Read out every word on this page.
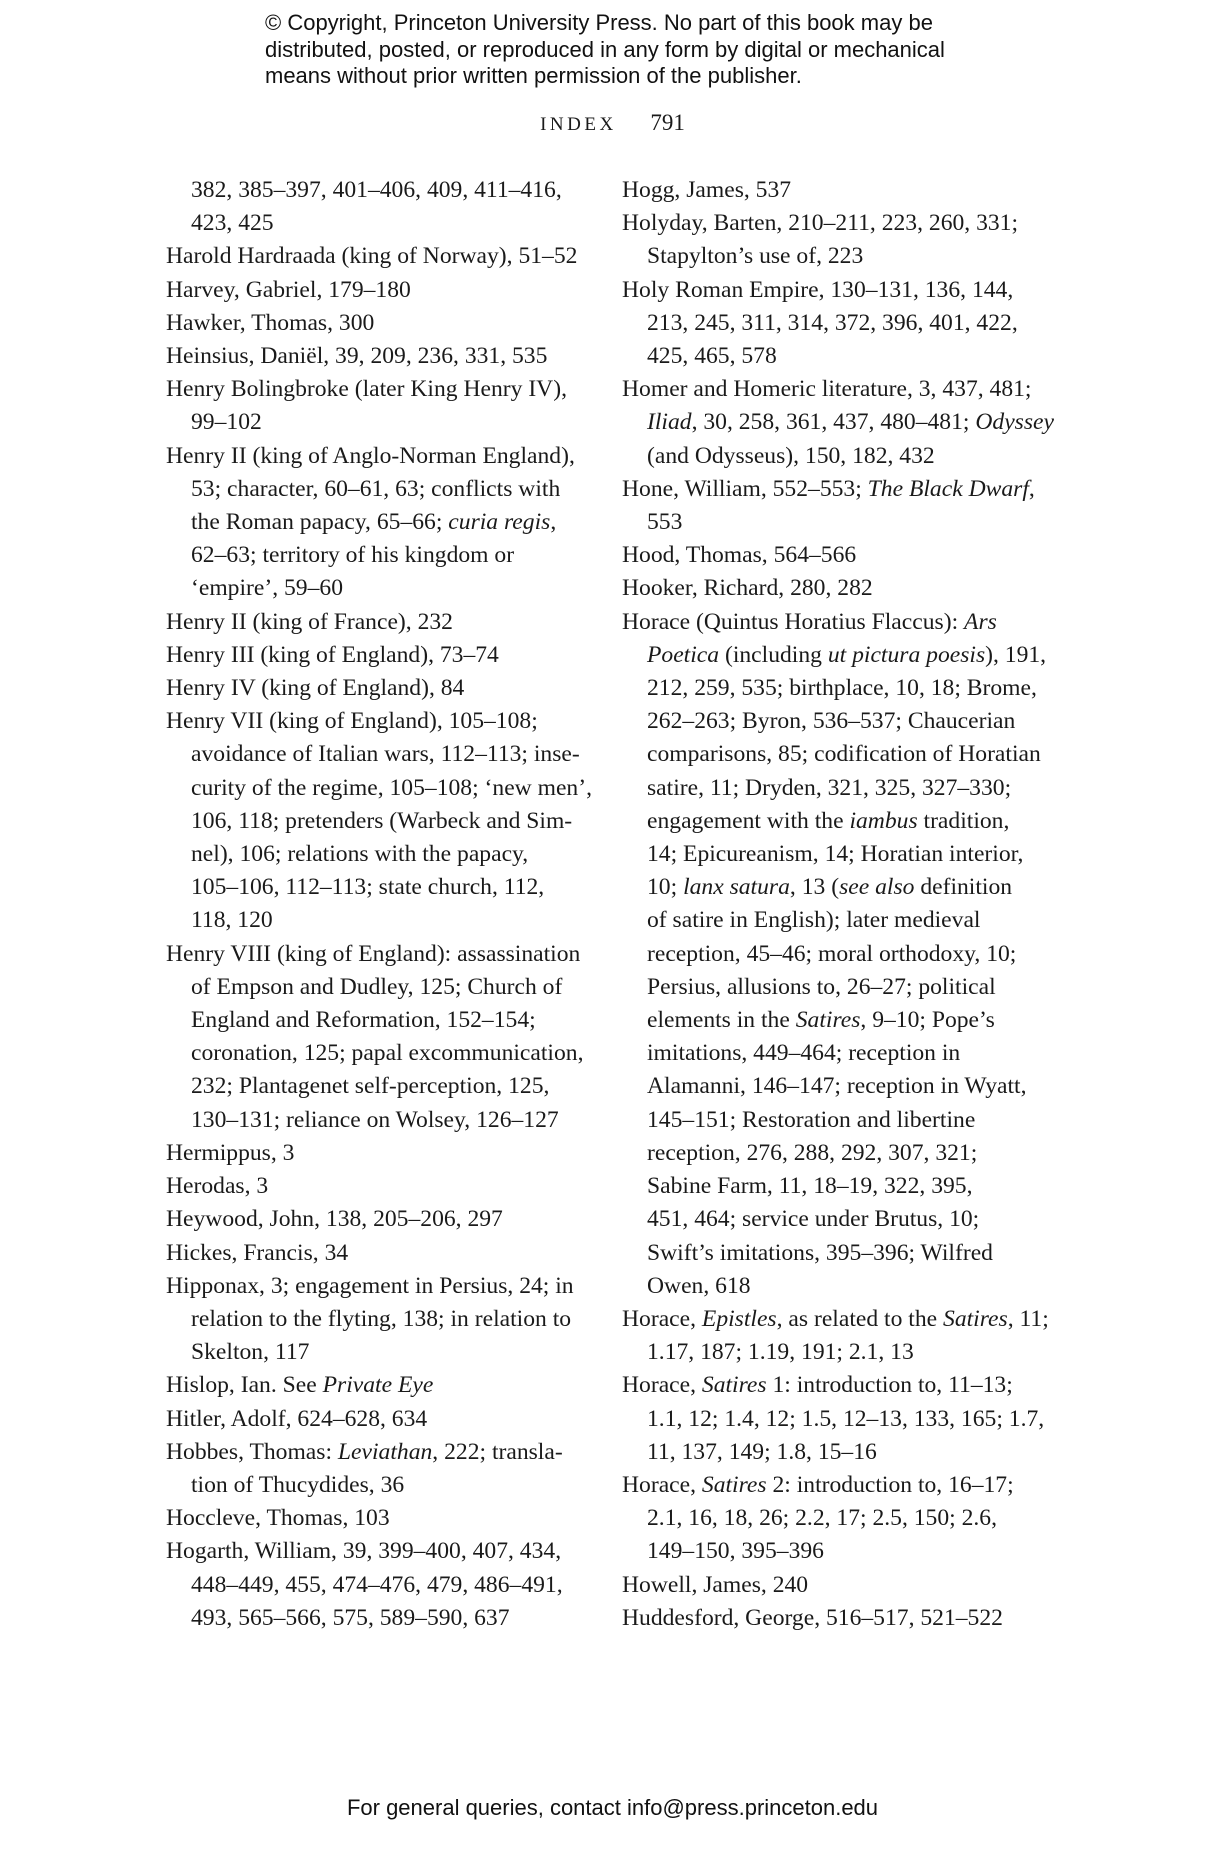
© Copyright, Princeton University Press. No part of this book may be
distributed, posted, or reproduced in any form by digital or mechanical
means without prior written permission of the publisher.
INDEX 791
382, 385–397, 401–406, 409, 411–416,
423, 425
Harold Hardraada (king of Norway), 51–52
Harvey, Gabriel, 179–180
Hawker, Thomas, 300
Heinsius, Daniël, 39, 209, 236, 331, 535
Henry Bolingbroke (later King Henry IV),
99–102
Henry II (king of Anglo-Norman England),
53; character, 60–61, 63; conflicts with
the Roman papacy, 65–66; curia regis,
62–63; territory of his kingdom or
‘empire’, 59–60
Henry II (king of France), 232
Henry III (king of England), 73–74
Henry IV (king of England), 84
Henry VII (king of England), 105–108;
avoidance of Italian wars, 112–113; inse-
curity of the regime, 105–108; ‘new men’,
106, 118; pretenders (Warbeck and Sim-
nel), 106; relations with the papacy,
105–106, 112–113; state church, 112,
118, 120
Henry VIII (king of England): assassination
of Empson and Dudley, 125; Church of
England and Reformation, 152–154;
coronation, 125; papal excommunication,
232; Plantagenet self-perception, 125,
130–131; reliance on Wolsey, 126–127
Hermippus, 3
Herodas, 3
Heywood, John, 138, 205–206, 297
Hickes, Francis, 34
Hipponax, 3; engagement in Persius, 24; in
relation to the flyting, 138; in relation to
Skelton, 117
Hislop, Ian. See Private Eye
Hitler, Adolf, 624–628, 634
Hobbes, Thomas: Leviathan, 222; transla-
tion of Thucydides, 36
Hoccleve, Thomas, 103
Hogarth, William, 39, 399–400, 407, 434,
448–449, 455, 474–476, 479, 486–491,
493, 565–566, 575, 589–590, 637
Hogg, James, 537
Holyday, Barten, 210–211, 223, 260, 331;
Stapylton’s use of, 223
Holy Roman Empire, 130–131, 136, 144,
213, 245, 311, 314, 372, 396, 401, 422,
425, 465, 578
Homer and Homeric literature, 3, 437, 481;
Iliad, 30, 258, 361, 437, 480–481; Odyssey
(and Odysseus), 150, 182, 432
Hone, William, 552–553; The Black Dwarf,
553
Hood, Thomas, 564–566
Hooker, Richard, 280, 282
Horace (Quintus Horatius Flaccus): Ars
Poetica (including ut pictura poesis), 191,
212, 259, 535; birthplace, 10, 18; Brome,
262–263; Byron, 536–537; Chaucerian
comparisons, 85; codification of Horatian
satire, 11; Dryden, 321, 325, 327–330;
engagement with the iambus tradition,
14; Epicureanism, 14; Horatian interior,
10; lanx satura, 13 (see also definition
of satire in English); later medieval
reception, 45–46; moral orthodoxy, 10;
Persius, allusions to, 26–27; political
elements in the Satires, 9–10; Pope’s
imitations, 449–464; reception in
Alamanni, 146–147; reception in Wyatt,
145–151; Restoration and libertine
reception, 276, 288, 292, 307, 321;
Sabine Farm, 11, 18–19, 322, 395,
451, 464; service under Brutus, 10;
Swift’s imitations, 395–396; Wilfred
Owen, 618
Horace, Epistles, as related to the Satires, 11;
1.17, 187; 1.19, 191; 2.1, 13
Horace, Satires 1: introduction to, 11–13;
1.1, 12; 1.4, 12; 1.5, 12–13, 133, 165; 1.7,
11, 137, 149; 1.8, 15–16
Horace, Satires 2: introduction to, 16–17;
2.1, 16, 18, 26; 2.2, 17; 2.5, 150; 2.6,
149–150, 395–396
Howell, James, 240
Huddesford, George, 516–517, 521–522
For general queries, contact info@press.princeton.edu
